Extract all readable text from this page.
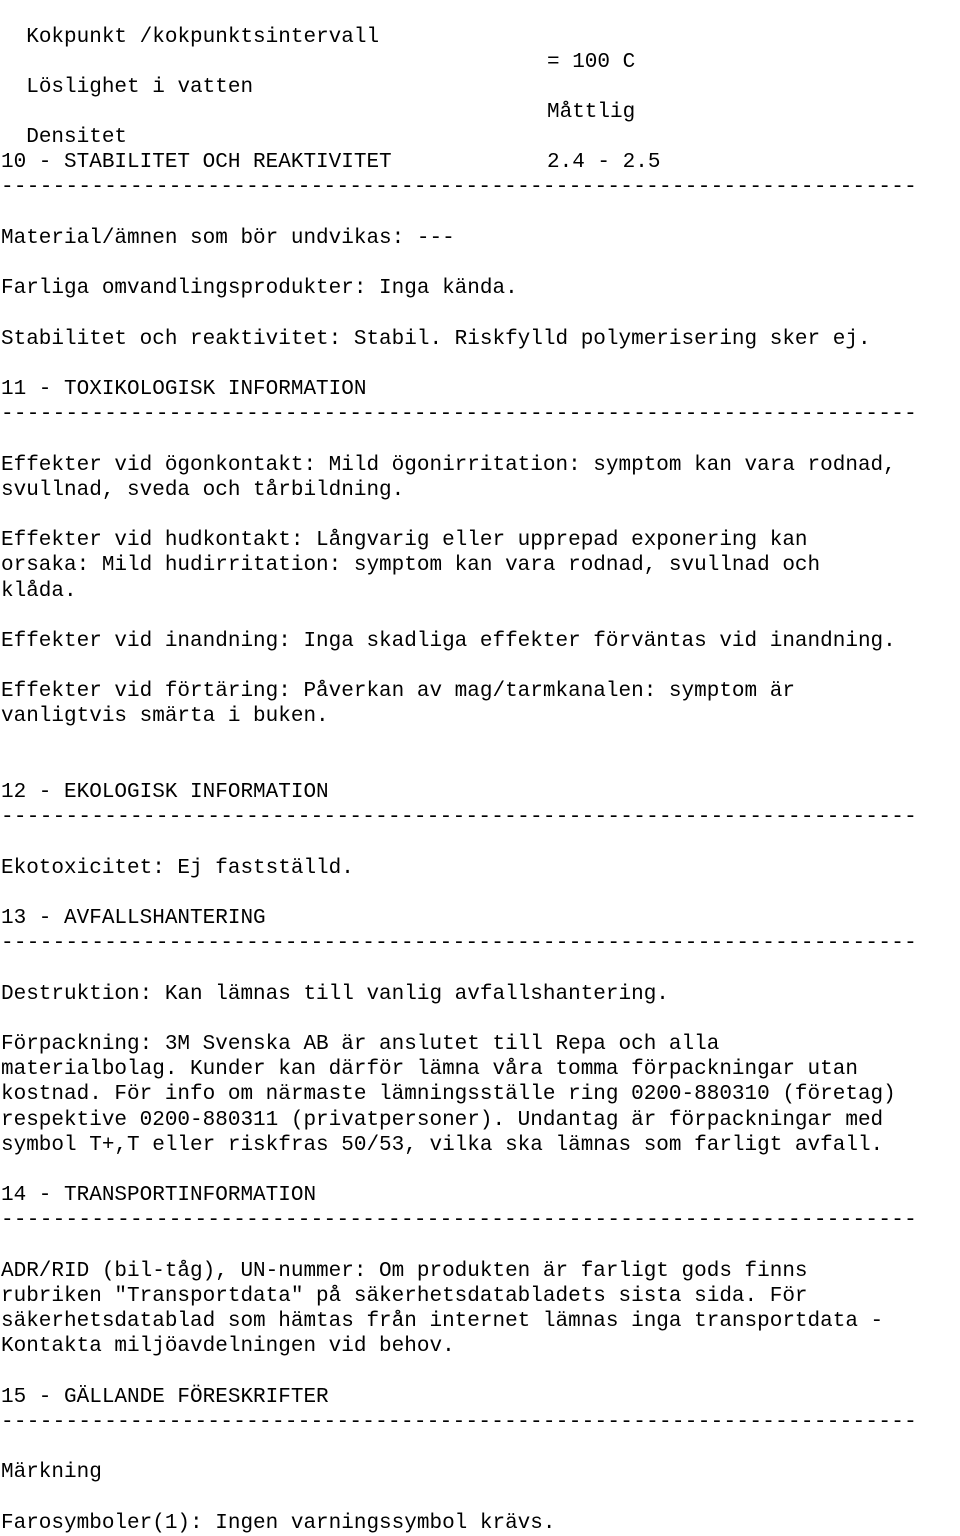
Kokpunkt /kokpunktsintervall

= 100 C

Löslighet i vatten

Måttlig

Densitet

2.4 - 2.5

10 - STABILITET OCH REAKTIVITET
-----------------------------------------------------------------------
Material/ämnen som bör undvikas: ---
Farliga omvandlingsprodukter: Inga kända.
Stabilitet och reaktivitet: Stabil. Riskfylld polymerisering sker ej.
11 - TOXIKOLOGISK INFORMATION
-----------------------------------------------------------------------
Effekter vid ögonkontakt: Mild ögonirritation: symptom kan vara rodnad,
svullnad, sveda och tårbildning.
Effekter vid hudkontakt: Långvarig eller upprepad exponering kan
orsaka: Mild hudirritation: symptom kan vara rodnad, svullnad och
klåda.
Effekter vid inandning: Inga skadliga effekter förväntas vid inandning.
Effekter vid förtäring: Påverkan av mag/tarmkanalen: symptom är
vanligtvis smärta i buken.
12 - EKOLOGISK INFORMATION
-----------------------------------------------------------------------
Ekotoxicitet: Ej fastställd.
13 - AVFALLSHANTERING
-----------------------------------------------------------------------
Destruktion: Kan lämnas till vanlig avfallshantering.
Förpackning: 3M Svenska AB är anslutet till Repa och alla
materialbolag. Kunder kan därför lämna våra tomma förpackningar utan
kostnad. För info om närmaste lämningsställe ring 0200-880310 (företag)
respektive 0200-880311 (privatpersoner). Undantag är förpackningar med
symbol T+,T eller riskfras 50/53, vilka ska lämnas som farligt avfall.
14 - TRANSPORTINFORMATION
-----------------------------------------------------------------------
ADR/RID (bil-tåg), UN-nummer: Om produkten är farligt gods finns
rubriken "Transportdata" på säkerhetsdatabladets sista sida. För
säkerhetsdatablad som hämtas från internet lämnas inga transportdata -
Kontakta miljöavdelningen vid behov.
15 - GÄLLANDE FÖRESKRIFTER
-----------------------------------------------------------------------
Märkning
Farosymboler(1): Ingen varningssymbol krävs.
